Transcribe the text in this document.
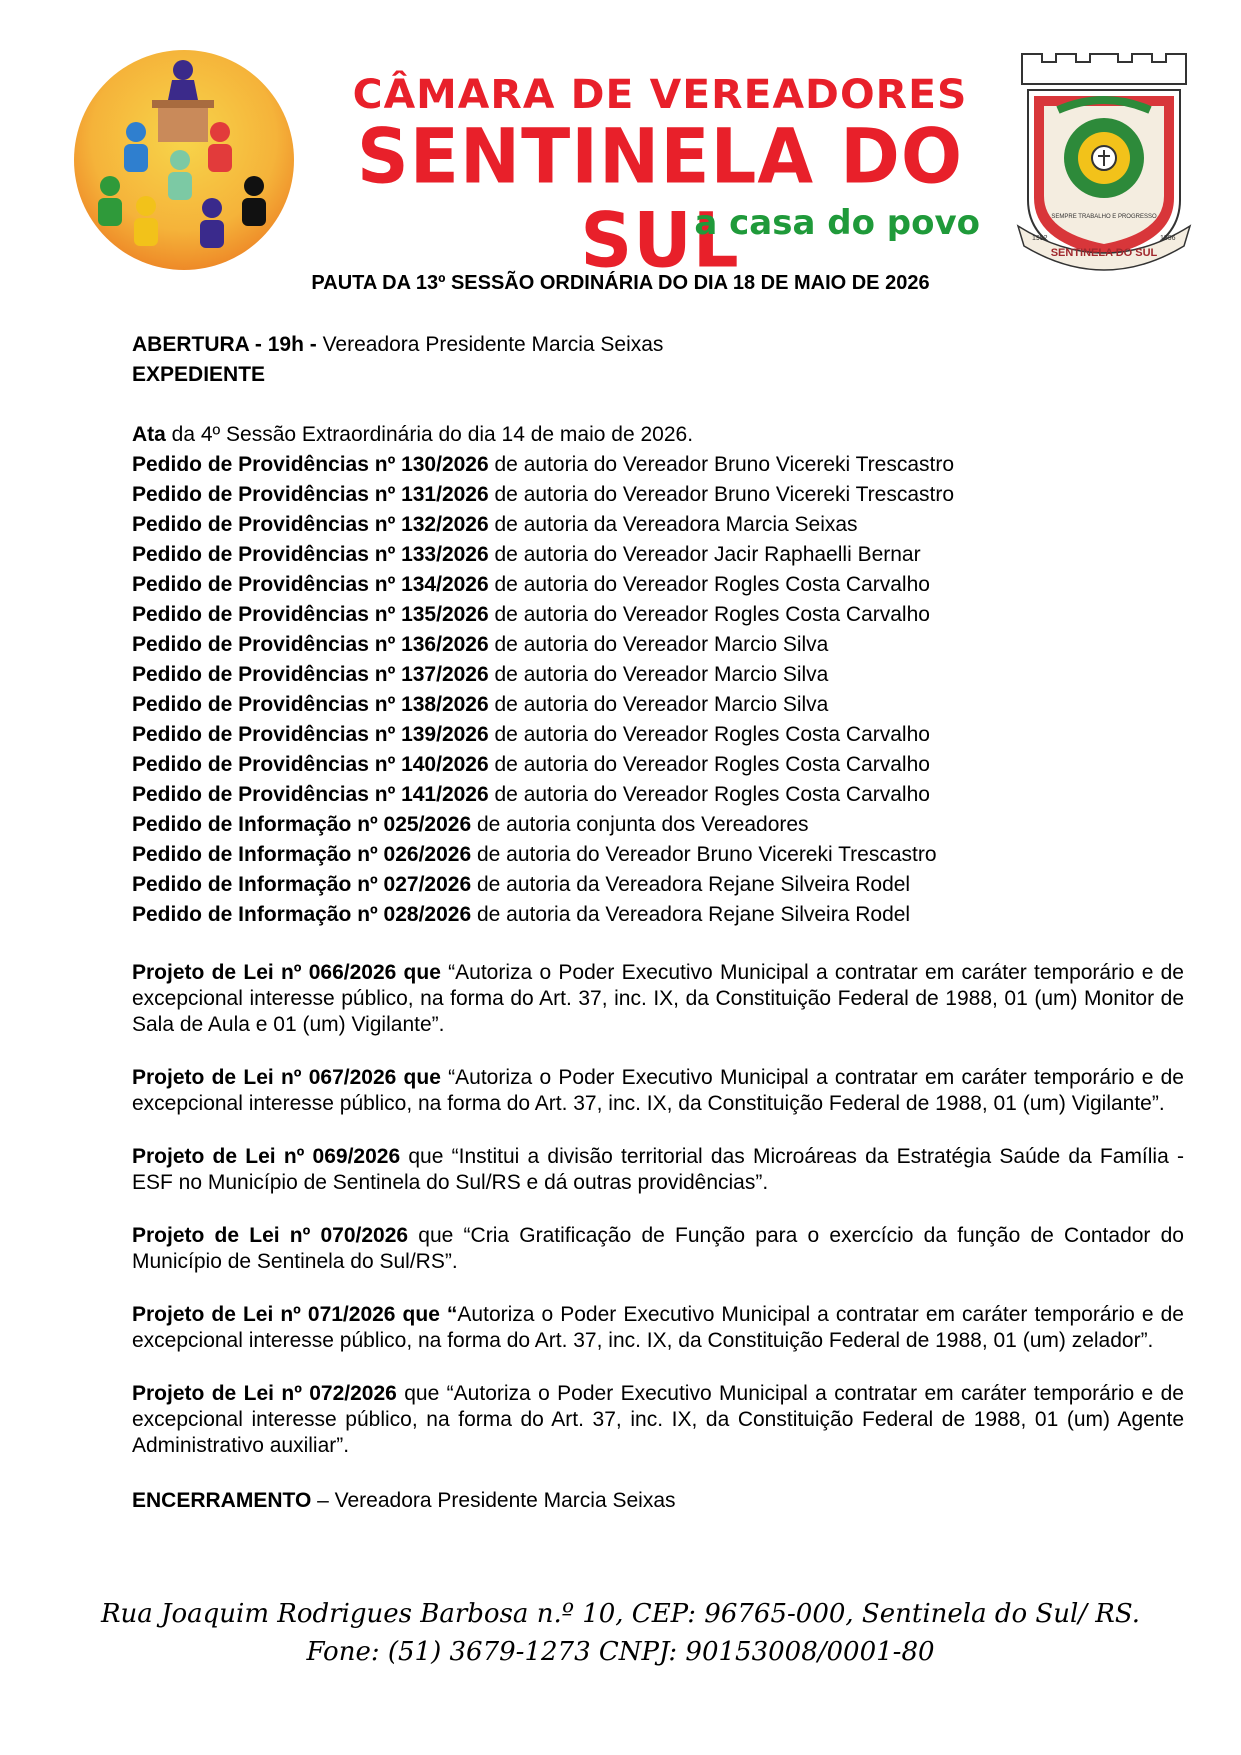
CÂMARA DE VEREADORES
SENTINELA DO SUL
a casa do povo
SENTINELA DO SUL
SEMPRE TRABALHO E PROGRESSO
1992	1996
PAUTA DA 13º SESSÃO ORDINÁRIA DO DIA 18 DE MAIO DE 2026

ABERTURA - 19h - Vereadora Presidente Marcia Seixas

EXPEDIENTE

Ata da 4º Sessão Extraordinária do dia 14 de maio de 2026.

Pedido de Providências nº 130/2026 de autoria do Vereador Bruno Vicereki Trescastro

Pedido de Providências nº 131/2026 de autoria do Vereador Bruno Vicereki Trescastro

Pedido de Providências nº 132/2026 de autoria da Vereadora Marcia Seixas

Pedido de Providências nº 133/2026 de autoria do Vereador Jacir Raphaelli Bernar

Pedido de Providências nº 134/2026 de autoria do Vereador Rogles Costa Carvalho

Pedido de Providências nº 135/2026 de autoria do Vereador Rogles Costa Carvalho

Pedido de Providências nº 136/2026 de autoria do Vereador Marcio Silva

Pedido de Providências nº 137/2026 de autoria do Vereador Marcio Silva

Pedido de Providências nº 138/2026 de autoria do Vereador Marcio Silva

Pedido de Providências nº 139/2026 de autoria do Vereador Rogles Costa Carvalho

Pedido de Providências nº 140/2026 de autoria do Vereador Rogles Costa Carvalho

Pedido de Providências nº 141/2026 de autoria do Vereador Rogles Costa Carvalho

Pedido de Informação nº 025/2026 de autoria conjunta dos Vereadores

Pedido de Informação nº 026/2026 de autoria do Vereador Bruno Vicereki Trescastro

Pedido de Informação nº 027/2026 de autoria da Vereadora Rejane Silveira Rodel

Pedido de Informação nº 028/2026 de autoria da Vereadora Rejane Silveira Rodel

Projeto de Lei nº 066/2026 que “Autoriza o Poder Executivo Municipal a contratar em caráter temporário e de excepcional interesse público, na forma do Art. 37, inc. IX, da Constituição Federal de 1988, 01 (um) Monitor de Sala de Aula e 01 (um) Vigilante”.

Projeto de Lei nº 067/2026 que “Autoriza o Poder Executivo Municipal a contratar em caráter temporário e de excepcional interesse público, na forma do Art. 37, inc. IX, da Constituição Federal de 1988, 01 (um) Vigilante”.

Projeto de Lei nº 069/2026 que “Institui a divisão territorial das Microáreas da Estratégia Saúde da Família - ESF no Município de Sentinela do Sul/RS e dá outras providências”.

Projeto de Lei nº 070/2026 que “Cria Gratificação de Função para o exercício da função de Contador do Município de Sentinela do Sul/RS”.

Projeto de Lei nº 071/2026 que “Autoriza o Poder Executivo Municipal a contratar em caráter temporário e de excepcional interesse público, na forma do Art. 37, inc. IX, da Constituição Federal de 1988, 01 (um) zelador”.

Projeto de Lei nº 072/2026 que “Autoriza o Poder Executivo Municipal a contratar em caráter temporário e de excepcional interesse público, na forma do Art. 37, inc. IX, da Constituição Federal de 1988, 01 (um) Agente Administrativo auxiliar”.

ENCERRAMENTO – Vereadora Presidente Marcia Seixas

Rua Joaquim Rodrigues Barbosa n.º 10, CEP: 96765-000, Sentinela do Sul/ RS.
Fone: (51) 3679-1273 CNPJ: 90153008/0001-80
